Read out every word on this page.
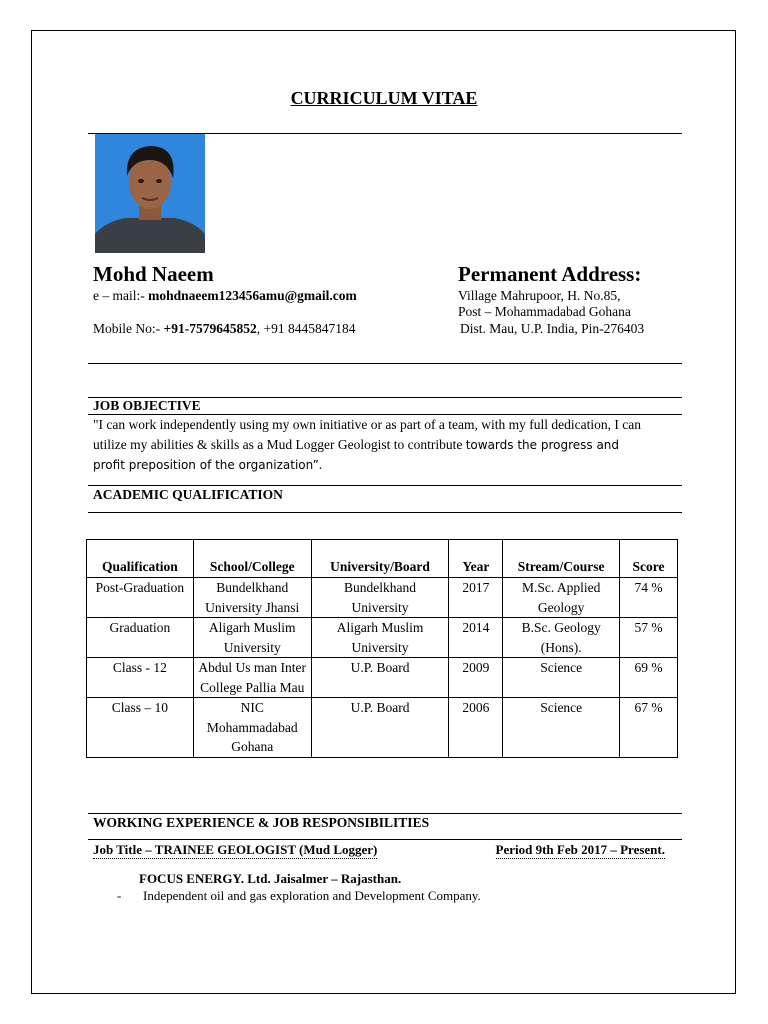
CURRICULUM VITAE
Mohd Naeem	Permanent Address:
e – mail:- mohdnaeem123456amu@gmail.com	Village Mahrupoor, H. No.85,
Post – Mohammadabad Gohana
Mobile No:- +91-7579645852, +91 8445847184	Dist. Mau, U.P. India, Pin-276403
JOB OBJECTIVE
"I can work independently using my own initiative or as part of a team, with my full dedication, I can utilize my abilities & skills as a Mud Logger Geologist to contribute towards the progress and profit preposition of the organization”.
ACADEMIC QUALIFICATION
Qualification	School/College	University/Board	Year	Stream/Course	Score
Post-Graduation	Bundelkhand University Jhansi	Bundelkhand University	2017	M.Sc. Applied Geology	74 %
Graduation	Aligarh Muslim University	Aligarh Muslim University	2014	B.Sc. Geology (Hons).	57 %
Class - 12	Abdul Us man Inter College Pallia Mau	U.P. Board	2009	Science	69 %
Class – 10	NIC Mohammadabad Gohana	U.P. Board	2006	Science	67 %
WORKING EXPERIENCE & JOB RESPONSIBILITIES
Job Title – TRAINEE GEOLOGIST (Mud Logger)	Period 9th Feb 2017 – Present.
FOCUS ENERGY. Ltd. Jaisalmer – Rajasthan.
- Independent oil and gas exploration and Development Company.
